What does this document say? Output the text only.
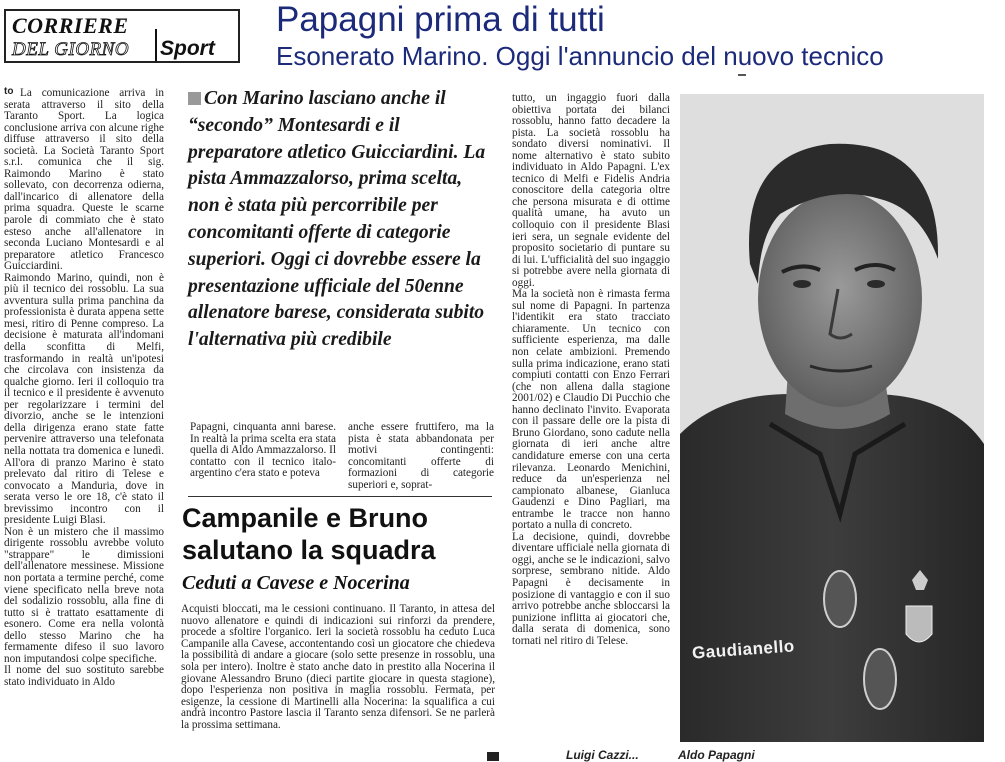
CORRIERE
DEL GIORNO Sport
Papagni prima di tutti
Esonerato Marino. Oggi l'annuncio del nuovo tecnico
to La comunicazione arriva in serata attraverso il sito della Taranto Sport. La logica conclusione arriva con alcune righe diffuse attraverso il sito della società. La Società Taranto Sport s.r.l. comunica che il sig. Raimondo Marino è stato sollevato, con decorrenza odierna, dall'incarico di allenatore della prima squadra. Queste le scarne parole di commiato che è stato esteso anche all'allenatore in seconda Luciano Montesardi e al preparatore atletico Francesco Guicciardini.

Raimondo Marino, quindi, non è più il tecnico dei rossoblu. La sua avventura sulla prima panchina da professionista è durata appena sette mesi, ritiro di Penne compreso. La decisione è maturata all'indomani della sconfitta di Melfi, trasformando in realtà un'ipotesi che circolava con insistenza da qualche giorno. Ieri il colloquio tra il tecnico e il presidente è avvenuto per regolarizzare i termini del divorzio, anche se le intenzioni della dirigenza erano state fatte pervenire attraverso una telefonata nella nottata tra domenica e lunedì. All'ora di pranzo Marino è stato prelevato dal ritiro di Telese e convocato a Manduria, dove in serata verso le ore 18, c'è stato il brevissimo incontro con il presidente Luigi Blasi.

Non è un mistero che il massimo dirigente rossoblu avrebbe voluto "strappare" le dimissioni dell'allenatore messinese. Missione non portata a termine perché, come viene specificato nella breve nota del sodalizio rossoblu, alla fine di tutto si è trattato esattamente di esonero. Come era nella volontà dello stesso Marino che ha fermamente difeso il suo lavoro non imputandosi colpe specifiche.

Il nome del suo sostituto sarebbe stato individuato in Aldo

Con Marino lasciano anche il “secondo” Montesardi e il preparatore atletico Guicciardini. La pista Ammazzalorso, prima scelta, non è stata più percorribile per concomitanti offerte di categorie superiori. Oggi ci dovrebbe essere la presentazione ufficiale del 50enne allenatore barese, considerata subito l'alternativa più credibile
Papagni, cinquanta anni barese. In realtà la prima scelta era stata quella di Aldo Ammazzalorso. Il contatto con il tecnico italo-argentino c'era stato e poteva
anche essere fruttifero, ma la pista è stata abbandonata per motivi contingenti: concomitanti offerte di formazioni di categorie superiori e, soprat-
Campanile e Bruno salutano la squadra
Ceduti a Cavese e Nocerina
Acquisti bloccati, ma le cessioni continuano. Il Taranto, in attesa del nuovo allenatore e quindi di indicazioni sui rinforzi da prendere, procede a sfoltire l'organico. Ieri la società rossoblu ha ceduto Luca Campanile alla Cavese, accontentando così un giocatore che chiedeva la possibilità di andare a giocare (solo sette presenze in rossoblu, una sola per intero). Inoltre è stato anche dato in prestito alla Nocerina il giovane Alessandro Bruno (dieci partite giocare in questa stagione), dopo l'esperienza non positiva in maglia rossoblu. Fermata, per esigenze, la cessione di Martinelli alla Nocerina: la squalifica a cui andrà incontro Pastore lascia il Taranto senza difensori. Se ne parlerà la prossima settimana.

tutto, un ingaggio fuori dalla obiettiva portata dei bilanci rossoblu, hanno fatto decadere la pista. La società rossoblu ha sondato diversi nominativi. Il nome alternativo è stato subito individuato in Aldo Papagni. L'ex tecnico di Melfi e Fidelis Andria conoscitore della categoria oltre che persona misurata e di ottime qualità umane, ha avuto un colloquio con il presidente Blasi ieri sera, un segnale evidente del proposito societario di puntare su di lui. L'ufficialità del suo ingaggio si potrebbe avere nella giornata di oggi.

Ma la società non è rimasta ferma sul nome di Papagni. In partenza l'identikit era stato tracciato chiaramente. Un tecnico con sufficiente esperienza, ma dalle non celate ambizioni. Premendo sulla prima indicazione, erano stati compiuti contatti con Enzo Ferrari (che non allena dalla stagione 2001/02) e Claudio Di Pucchio che hanno declinato l'invito. Evaporata con il passare delle ore la pista di Bruno Giordano, sono cadute nella giornata di ieri anche altre candidature emerse con una certa rilevanza. Leonardo Menichini, reduce da un'esperienza nel campionato albanese, Gianluca Gaudenzi e Dino Pagliari, ma entrambe le tracce non hanno portato a nulla di concreto.

La decisione, quindi, dovrebbe diventare ufficiale nella giornata di oggi, anche se le indicazioni, salvo sorprese, sembrano nitide. Aldo Papagni è decisamente in posizione di vantaggio e con il suo arrivo potrebbe anche sbloccarsi la punizione inflitta ai giocatori che, dalla serata di domenica, sono tornati nel ritiro di Telese.	Gaudianello
Luigi Cazzi...	Aldo Papagni
